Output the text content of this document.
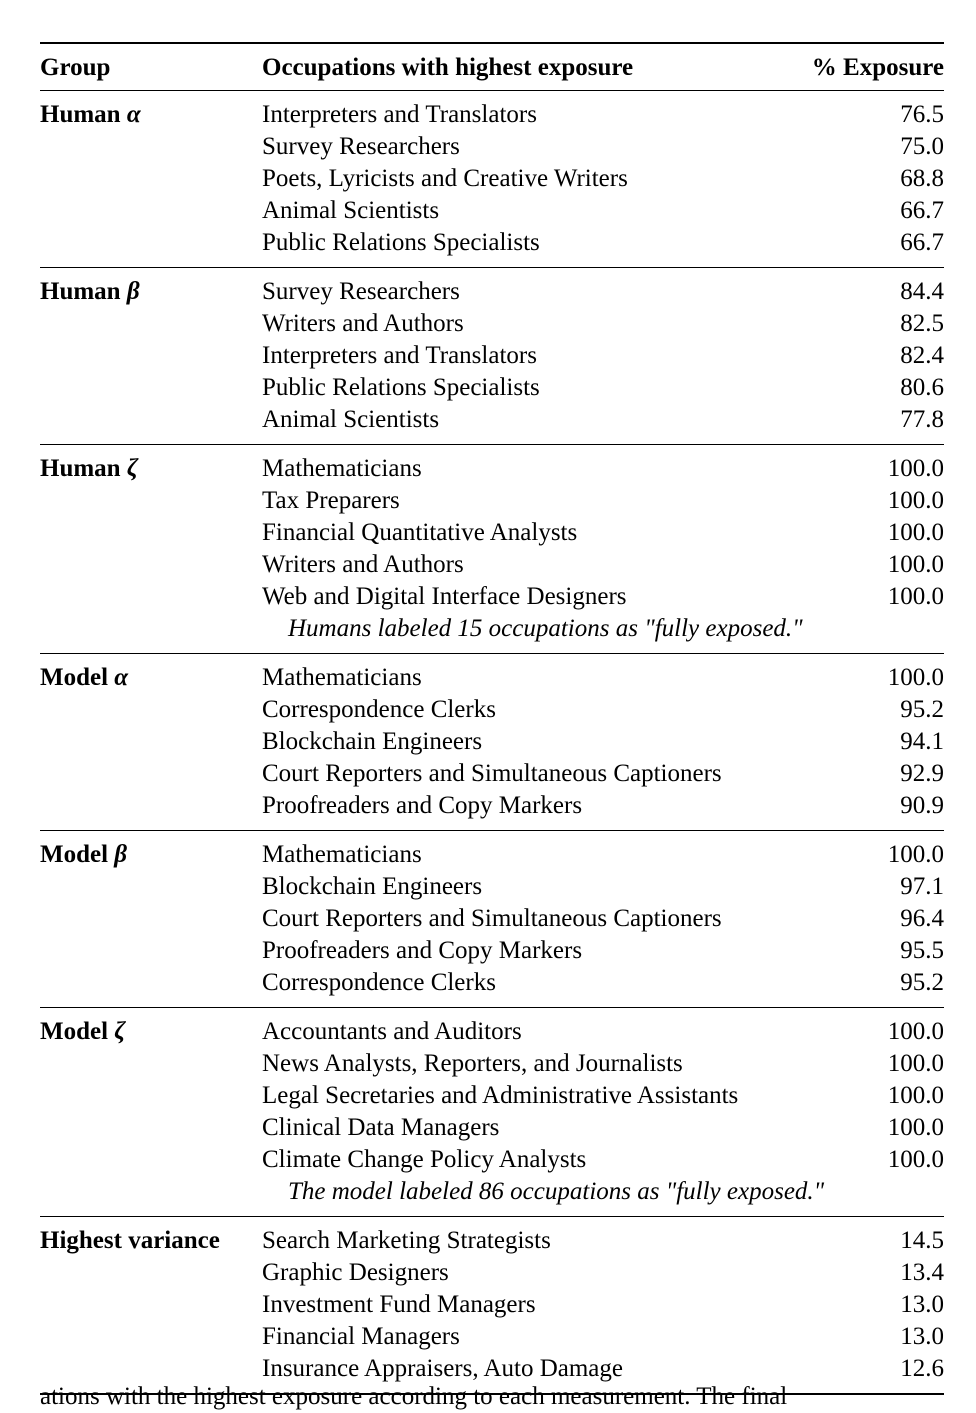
Group	Occupations with highest exposure	% Exposure
Human α	Interpreters and Translators	76.5
Survey Researchers	75.0
Poets, Lyricists and Creative Writers	68.8
Animal Scientists	66.7
Public Relations Specialists	66.7
Human β	Survey Researchers	84.4
Writers and Authors	82.5
Interpreters and Translators	82.4
Public Relations Specialists	80.6
Animal Scientists	77.8
Human ζ	Mathematicians	100.0
Tax Preparers	100.0
Financial Quantitative Analysts	100.0
Writers and Authors	100.0
Web and Digital Interface Designers	100.0
Humans labeled 15 occupations as "fully exposed."
Model α	Mathematicians	100.0
Correspondence Clerks	95.2
Blockchain Engineers	94.1
Court Reporters and Simultaneous Captioners	92.9
Proofreaders and Copy Markers	90.9
Model β	Mathematicians	100.0
Blockchain Engineers	97.1
Court Reporters and Simultaneous Captioners	96.4
Proofreaders and Copy Markers	95.5
Correspondence Clerks	95.2
Model ζ	Accountants and Auditors	100.0
News Analysts, Reporters, and Journalists	100.0
Legal Secretaries and Administrative Assistants	100.0
Clinical Data Managers	100.0
Climate Change Policy Analysts	100.0
The model labeled 86 occupations as "fully exposed."
Highest variance Search Marketing Strategists	14.5
Graphic Designers	13.4
Investment Fund Managers	13.0
Financial Managers	13.0
Insurance Appraisers, Auto Damage	12.6
ations with the highest exposure according to each measurement. The final
